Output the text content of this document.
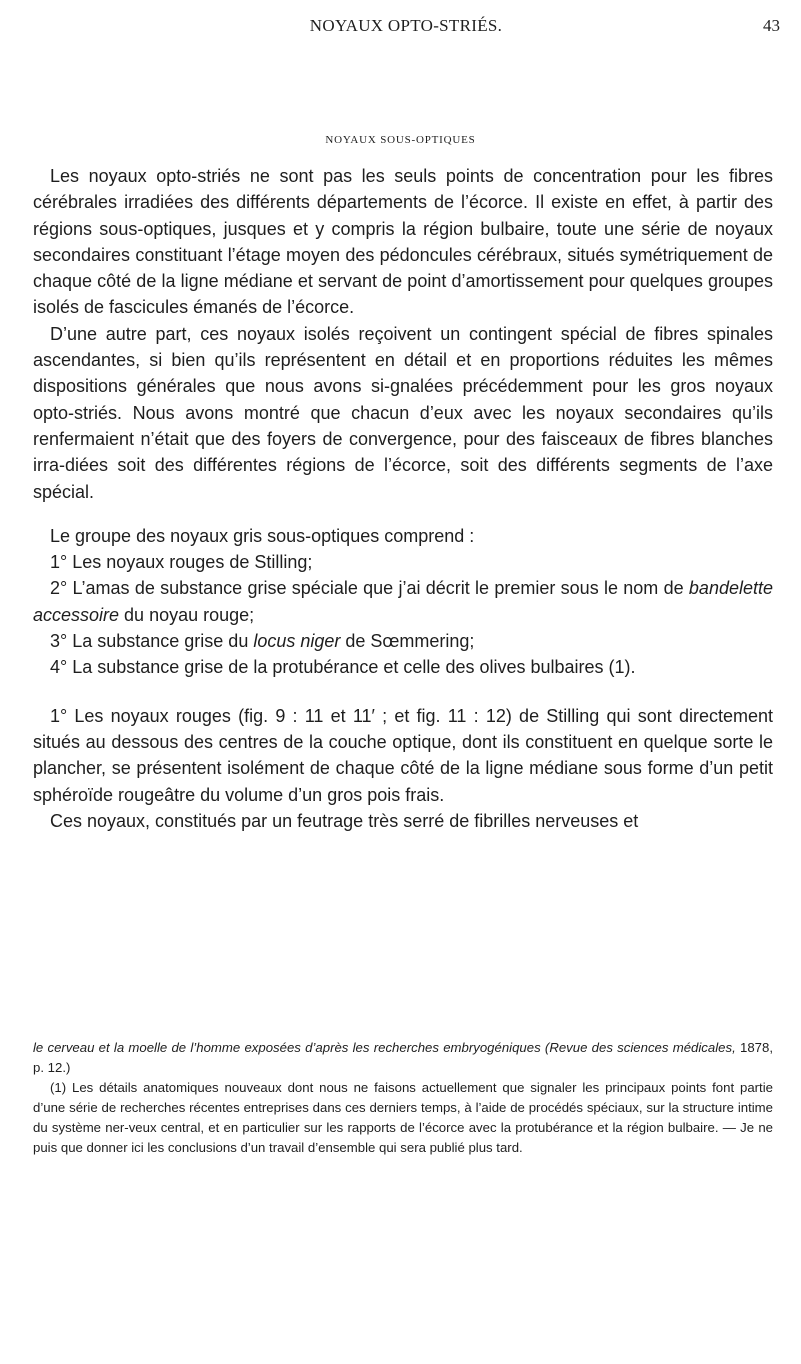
NOYAUX OPTO-STRIÉS.	43
NOYAUX SOUS-OPTIQUES

Les noyaux opto-striés ne sont pas les seuls points de concentration pour les fibres cérébrales irradiées des différents départements de l’écorce. Il existe en effet, à partir des régions sous-optiques, jusques et y compris la région bulbaire, toute une série de noyaux secondaires constituant l’étage moyen des pédoncules cérébraux, situés symétriquement de chaque côté de la ligne médiane et servant de point d’amortissement pour quelques groupes isolés de fascicules émanés de l’écorce.

D’une autre part, ces noyaux isolés reçoivent un contingent spécial de fibres spinales ascendantes, si bien qu’ils représentent en détail et en proportions réduites les mêmes dispositions générales que nous avons si-gnalées précédemment pour les gros noyaux opto-striés. Nous avons montré que chacun d’eux avec les noyaux secondaires qu’ils renfermaient n’était que des foyers de convergence, pour des faisceaux de fibres blanches irra-diées soit des différentes régions de l’écorce, soit des différents segments de l’axe spécial.

Le groupe des noyaux gris sous-optiques comprend :

1° Les noyaux rouges de Stilling;

2° L’amas de substance grise spéciale que j’ai décrit le premier sous le nom de bandelette accessoire du noyau rouge;

3° La substance grise du locus niger de Sœmmering;

4° La substance grise de la protubérance et celle des olives bulbaires (1).

1° Les noyaux rouges (fig. 9 : 11 et 11′ ; et fig. 11 : 12) de Stilling qui sont directement situés au dessous des centres de la couche optique, dont ils constituent en quelque sorte le plancher, se présentent isolément de chaque côté de la ligne médiane sous forme d’un petit sphéroïde rougeâtre du volume d’un gros pois frais.

Ces noyaux, constitués par un feutrage très serré de fibrilles nerveuses et

le cerveau et la moelle de l’homme exposées d’après les recherches embryogéniques (Revue des sciences médicales, 1878, p. 12.)

(1) Les détails anatomiques nouveaux dont nous ne faisons actuellement que signaler les principaux points font partie d’une série de recherches récentes entreprises dans ces derniers temps, à l’aide de procédés spéciaux, sur la structure intime du système ner-veux central, et en particulier sur les rapports de l’écorce avec la protubérance et la région bulbaire. — Je ne puis que donner ici les conclusions d’un travail d’ensemble qui sera publié plus tard.
